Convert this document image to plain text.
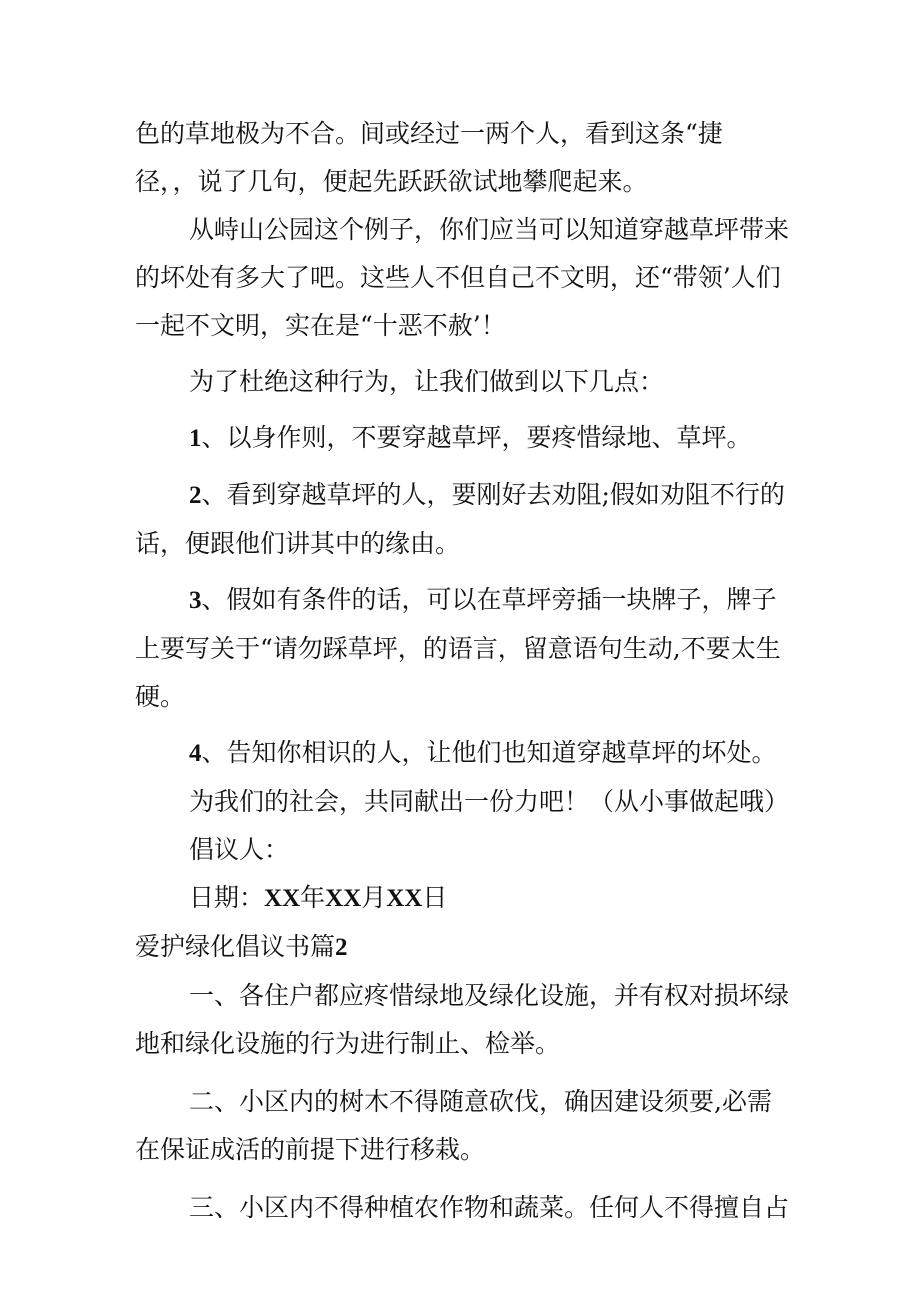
色的草地极为不合。间或经过一两个人，看到这条“捷

径，，说了几句，便起先跃跃欲试地攀爬起来。

从峙山公园这个例子，你们应当可以知道穿越草坪带来的坏处有多大了吧。这些人不但自己不文明，还“带领’人们一起不文明，实在是“十恶不赦’！

为了杜绝这种行为，让我们做到以下几点：

1、以身作则，不要穿越草坪，要疼惜绿地、草坪。

2、看到穿越草坪的人，要刚好去劝阻;假如劝阻不行的话，便跟他们讲其中的缘由。

3、假如有条件的话，可以在草坪旁插一块牌子，牌子上要写关于“请勿踩草坪，的语言，留意语句生动,不要太生硬。

4、告知你相识的人，让他们也知道穿越草坪的坏处。

为我们的社会，共同献出一份力吧！（从小事做起哦）

倡议人：

日期：XX年XX月XX日

爱护绿化倡议书篇2

一、各住户都应疼惜绿地及绿化设施，并有权对损坏绿地和绿化设施的行为进行制止、检举。

二、小区内的树木不得随意砍伐，确因建设须要,必需在保证成活的前提下进行移栽。

三、小区内不得种植农作物和蔬菜。任何人不得擅自占
